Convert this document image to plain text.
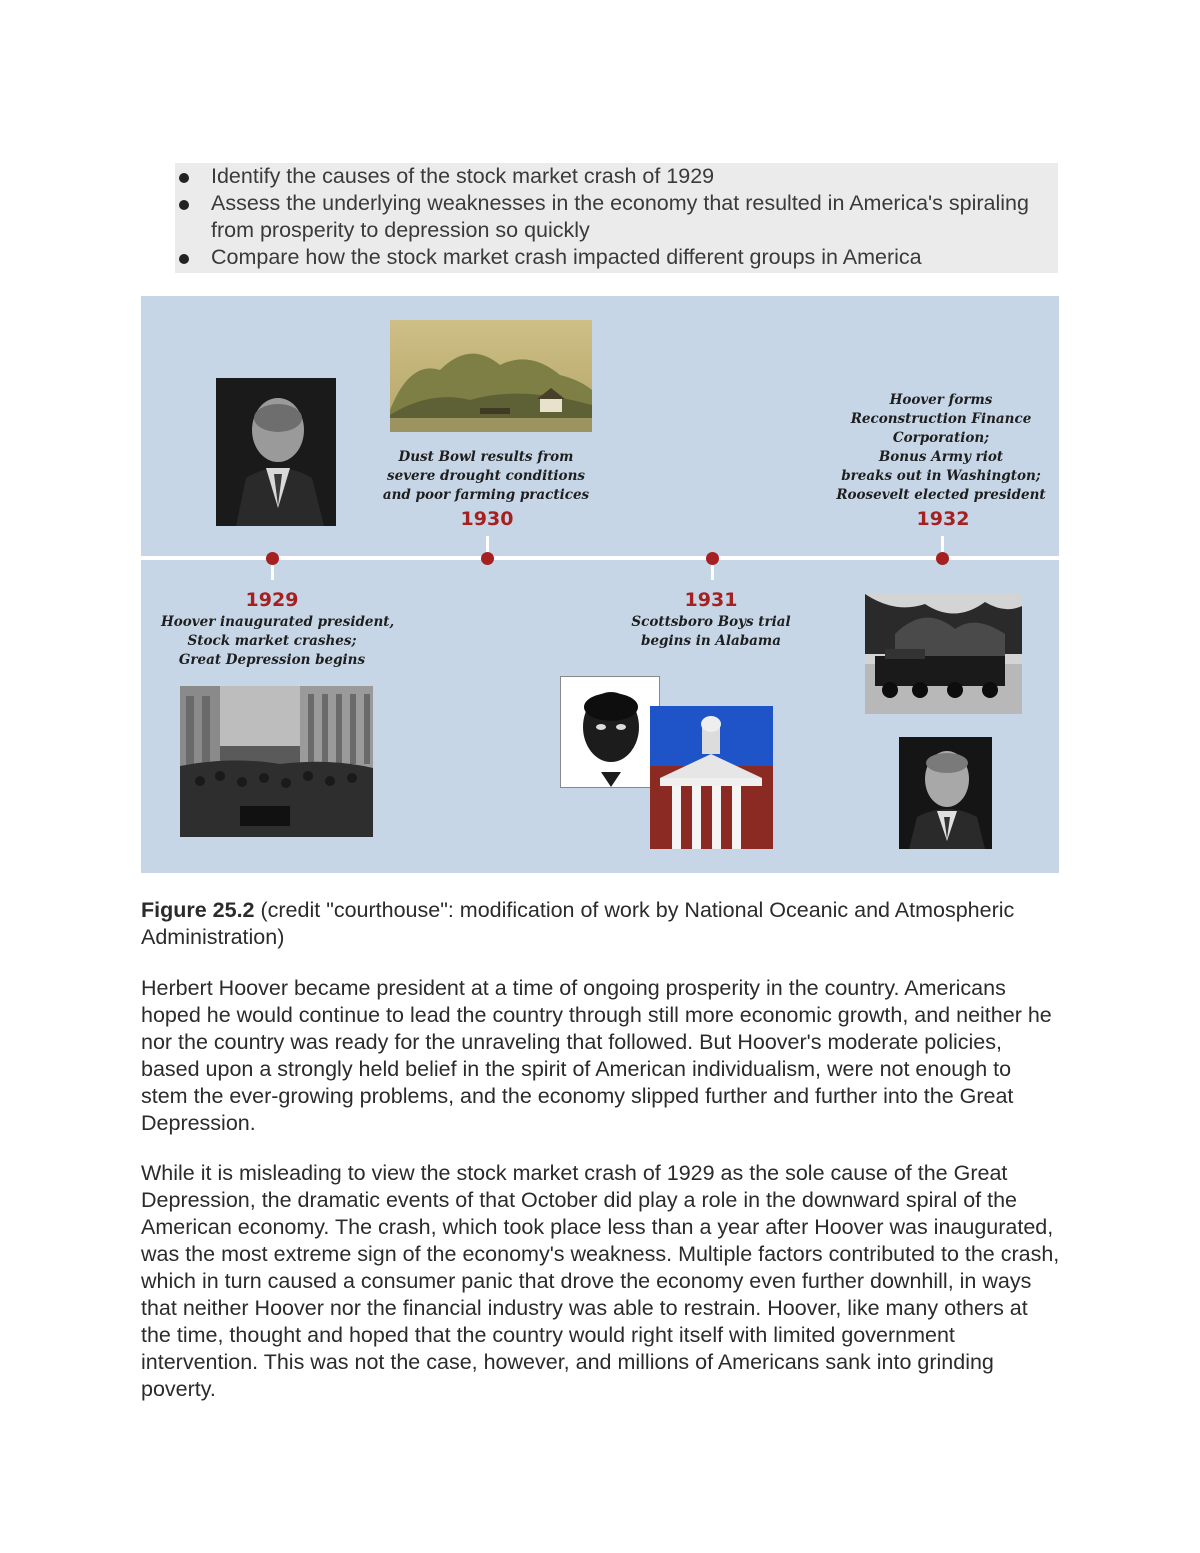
Identify the causes of the stock market crash of 1929
Assess the underlying weaknesses in the economy that resulted in America's spiraling from prosperity to depression so quickly
Compare how the stock market crash impacted different groups in America
Dust Bowl results from
severe drought conditions
and poor farming practices
1930
Hoover forms
Reconstruction Finance
Corporation;
Bonus Army riot
breaks out in Washington;
Roosevelt elected president
1932
1929
Hoover inaugurated president,
Stock market crashes;
Great Depression begins
1931
Scottsboro Boys trial
begins in Alabama
Figure 25.2 (credit "courthouse": modification of work by National Oceanic and Atmospheric Administration)

Herbert Hoover became president at a time of ongoing prosperity in the country. Americans hoped he would continue to lead the country through still more economic growth, and neither he nor the country was ready for the unraveling that followed. But Hoover's moderate policies, based upon a strongly held belief in the spirit of American individualism, were not enough to stem the ever-growing problems, and the economy slipped further and further into the Great Depression.

While it is misleading to view the stock market crash of 1929 as the sole cause of the Great Depression, the dramatic events of that October did play a role in the downward spiral of the American economy. The crash, which took place less than a year after Hoover was inaugurated, was the most extreme sign of the economy's weakness. Multiple factors contributed to the crash, which in turn caused a consumer panic that drove the economy even further downhill, in ways that neither Hoover nor the financial industry was able to restrain. Hoover, like many others at the time, thought and hoped that the country would right itself with limited government intervention. This was not the case, however, and millions of Americans sank into grinding poverty.
